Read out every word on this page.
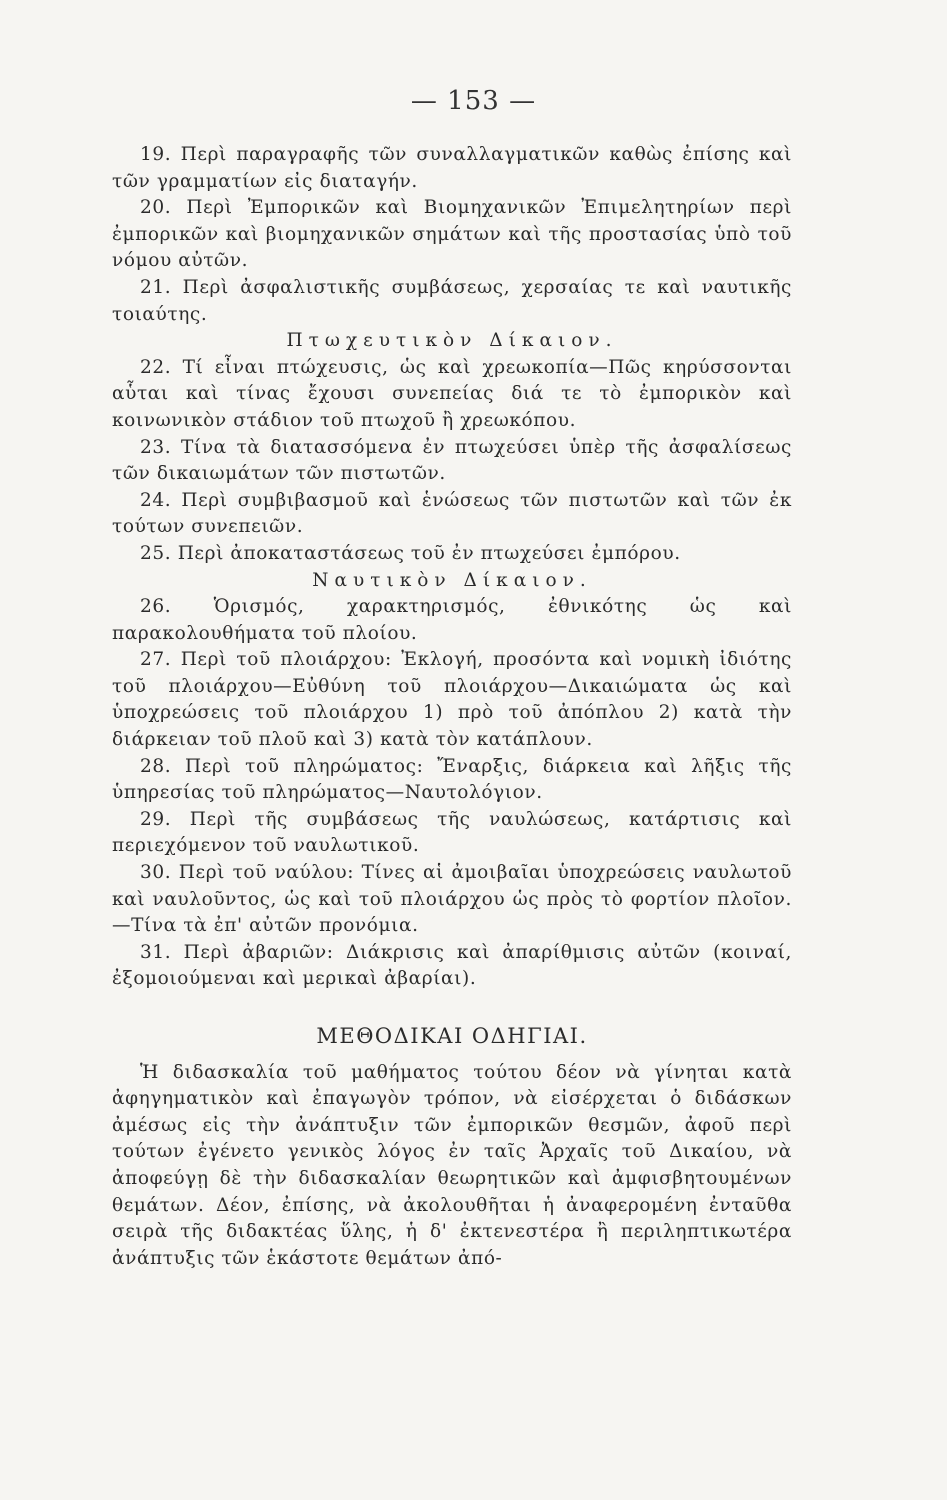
— 153 —

19. Περὶ παραγραφῆς τῶν συναλλαγματικῶν καθὼς ἐπίσης καὶ τῶν γραμματίων εἰς διαταγήν.

20. Περὶ Ἐμπορικῶν καὶ Βιομηχανικῶν Ἐπιμελητηρίων περὶ ἐμπορικῶν καὶ βιομηχανικῶν σημάτων καὶ τῆς προστασίας ὑπὸ τοῦ νόμου αὐτῶν.

21. Περὶ ἀσφαλιστικῆς συμβάσεως, χερσαίας τε καὶ ναυτικῆς τοιαύτης.

Πτωχευτικὸν Δίκαιον.

22. Τί εἶναι πτώχευσις, ὡς καὶ χρεωκοπία—Πῶς κηρύσσονται αὗται καὶ τίνας ἔχουσι συνεπείας διά τε τὸ ἐμπορικὸν καὶ κοινωνικὸν στάδιον τοῦ πτωχοῦ ἢ χρεωκόπου.

23. Τίνα τὰ διατασσόμενα ἐν πτωχεύσει ὑπὲρ τῆς ἀσφαλίσεως τῶν δικαιωμάτων τῶν πιστωτῶν.

24. Περὶ συμβιβασμοῦ καὶ ἑνώσεως τῶν πιστωτῶν καὶ τῶν ἐκ τούτων συνεπειῶν.

25. Περὶ ἀποκαταστάσεως τοῦ ἐν πτωχεύσει ἐμπόρου.

Ναυτικὸν Δίκαιον.

26. Ὁρισμός, χαρακτηρισμός, ἐθνικότης ὡς καὶ παρακολουθήματα τοῦ πλοίου.

27. Περὶ τοῦ πλοιάρχου: Ἐκλογή, προσόντα καὶ νομικὴ ἰδιότης τοῦ πλοιάρχου—Εὐθύνη τοῦ πλοιάρχου—Δικαιώματα ὡς καὶ ὑποχρεώσεις τοῦ πλοιάρχου 1) πρὸ τοῦ ἀπόπλου 2) κατὰ τὴν διάρκειαν τοῦ πλοῦ καὶ 3) κατὰ τὸν κατάπλουν.

28. Περὶ τοῦ πληρώματος: Ἔναρξις, διάρκεια καὶ λῆξις τῆς ὑπηρεσίας τοῦ πληρώματος—Ναυτολόγιον.

29. Περὶ τῆς συμβάσεως τῆς ναυλώσεως, κατάρτισις καὶ περιεχόμενον τοῦ ναυλωτικοῦ.

30. Περὶ τοῦ ναύλου: Τίνες αἱ ἀμοιβαῖαι ὑποχρεώσεις ναυλωτοῦ καὶ ναυλοῦντος, ὡς καὶ τοῦ πλοιάρχου ὡς πρὸς τὸ φορτίον πλοῖον.—Τίνα τὰ ἐπ' αὐτῶν προνόμια.

31. Περὶ ἀβαριῶν: Διάκρισις καὶ ἀπαρίθμισις αὐτῶν (κοιναί, ἐξομοιούμεναι καὶ μερικαὶ ἀβαρίαι).

ΜΕΘΟΔΙΚΑΙ ΟΔΗΓΙΑΙ.

Ἡ διδασκαλία τοῦ μαθήματος τούτου δέον νὰ γίνηται κατὰ ἀφηγηματικὸν καὶ ἐπαγωγὸν τρόπον, νὰ εἰσέρχεται ὁ διδάσκων ἀμέσως εἰς τὴν ἀνάπτυξιν τῶν ἐμπορικῶν θεσμῶν, ἀφοῦ περὶ τούτων ἐγένετο γενικὸς λόγος ἐν ταῖς Ἀρχαῖς τοῦ Δικαίου, νὰ ἀποφεύγῃ δὲ τὴν διδασκαλίαν θεωρητικῶν καὶ ἀμφισβητουμένων θεμάτων. Δέον, ἐπίσης, νὰ ἀκολουθῆται ἡ ἀναφερομένη ἐνταῦθα σειρὰ τῆς διδακτέας ὕλης, ἡ δ' ἐκτενεστέρα ἢ περιληπτικωτέρα ἀνάπτυξις τῶν ἑκάστοτε θεμάτων ἀπό-
